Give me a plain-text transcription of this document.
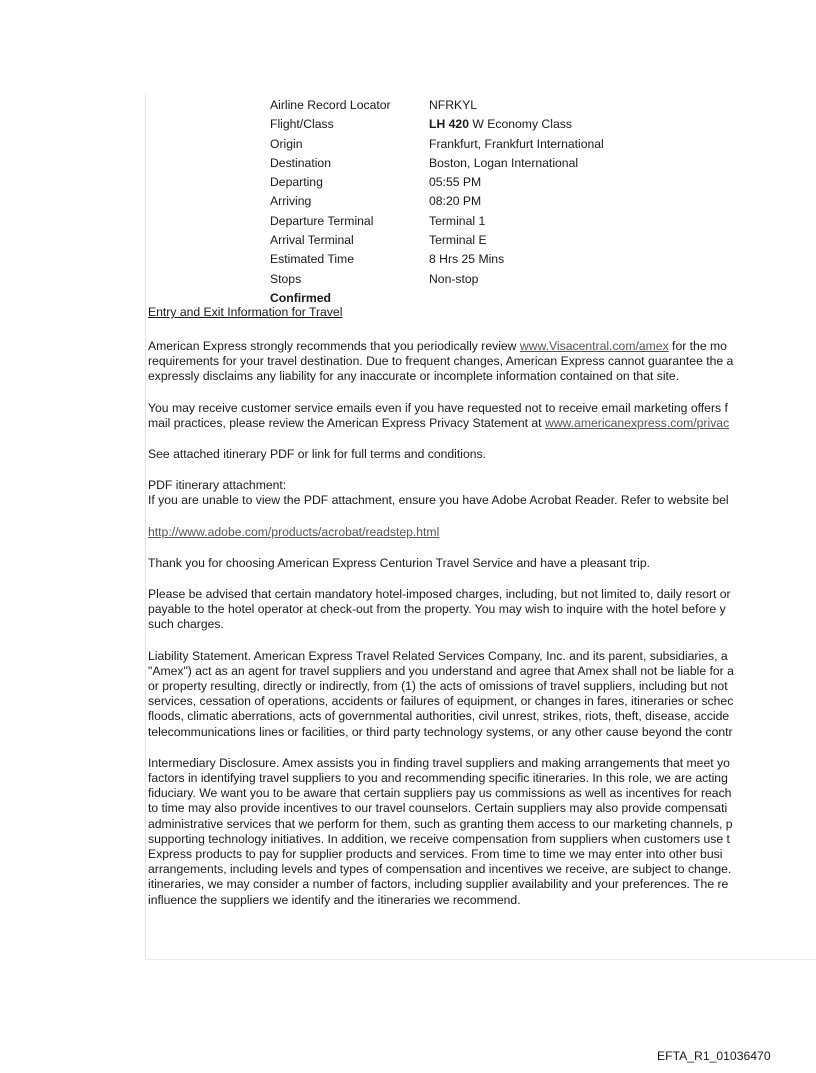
Airline Record Locator	NFRKYL
Flight/Class	LH 420 W Economy Class
Origin	Frankfurt, Frankfurt International
Destination	Boston, Logan International
Departing	05:55 PM
Arriving	08:20 PM
Departure Terminal	Terminal 1
Arrival Terminal	Terminal E
Estimated Time	8 Hrs 25 Mins
Stops	Non-stop
Confirmed
Entry and Exit Information for Travel

American Express strongly recommends that you periodically review www.Visacentral.com/amex for the mo
requirements for your travel destination. Due to frequent changes, American Express cannot guarantee the a
expressly disclaims any liability for any inaccurate or incomplete information contained on that site.

You may receive customer service emails even if you have requested not to receive email marketing offers f
mail practices, please review the American Express Privacy Statement at www.americanexpress.com/privac

See attached itinerary PDF or link for full terms and conditions.

PDF itinerary attachment:
If you are unable to view the PDF attachment, ensure you have Adobe Acrobat Reader. Refer to website bel

http://www.adobe.com/products/acrobat/readstep.html

Thank you for choosing American Express Centurion Travel Service and have a pleasant trip.

Please be advised that certain mandatory hotel-imposed charges, including, but not limited to, daily resort or
payable to the hotel operator at check-out from the property. You may wish to inquire with the hotel before y
such charges.

Liability Statement. American Express Travel Related Services Company, Inc. and its parent, subsidiaries, a
"Amex") act as an agent for travel suppliers and you understand and agree that Amex shall not be liable for a
or property resulting, directly or indirectly, from (1) the acts of omissions of travel suppliers, including but not
services, cessation of operations, accidents or failures of equipment, or changes in fares, itineraries or schec
floods, climatic aberrations, acts of governmental authorities, civil unrest, strikes, riots, theft, disease, accide
telecommunications lines or facilities, or third party technology systems, or any other cause beyond the contr

Intermediary Disclosure. Amex assists you in finding travel suppliers and making arrangements that meet yo
factors in identifying travel suppliers to you and recommending specific itineraries. In this role, we are acting
fiduciary. We want you to be aware that certain suppliers pay us commissions as well as incentives for reach
to time may also provide incentives to our travel counselors. Certain suppliers may also provide compensati
administrative services that we perform for them, such as granting them access to our marketing channels, p
supporting technology initiatives. In addition, we receive compensation from suppliers when customers use t
Express products to pay for supplier products and services. From time to time we may enter into other busi
arrangements, including levels and types of compensation and incentives we receive, are subject to change.
itineraries, we may consider a number of factors, including supplier availability and your preferences. The re
influence the suppliers we identify and the itineraries we recommend.

EFTA_R1_01036470
